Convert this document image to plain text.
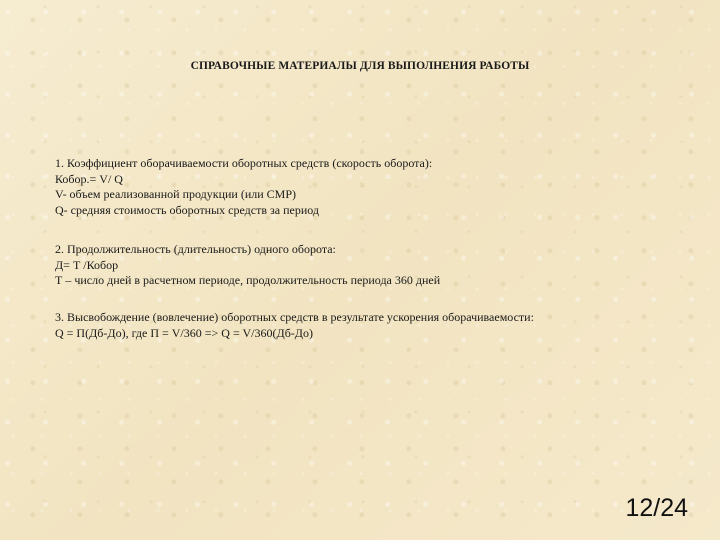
СПРАВОЧНЫЕ МАТЕРИАЛЫ ДЛЯ ВЫПОЛНЕНИЯ РАБОТЫ
1. Коэффициент оборачиваемости оборотных средств (скорость оборота):
Кобор.= V/ Q
V- объем реализованной продукции (или СМР)
Q- средняя стоимость оборотных средств за период
2. Продолжительность (длительность) одного оборота:
Д= Т /Кобор
Т – число дней в расчетном периоде, продолжительность периода 360 дней
3. Высвобождение (вовлечение) оборотных средств в результате ускорения оборачиваемости:
Q = П(Дб-До), где П = V/360 => Q = V/360(Дб-До)
12/24
